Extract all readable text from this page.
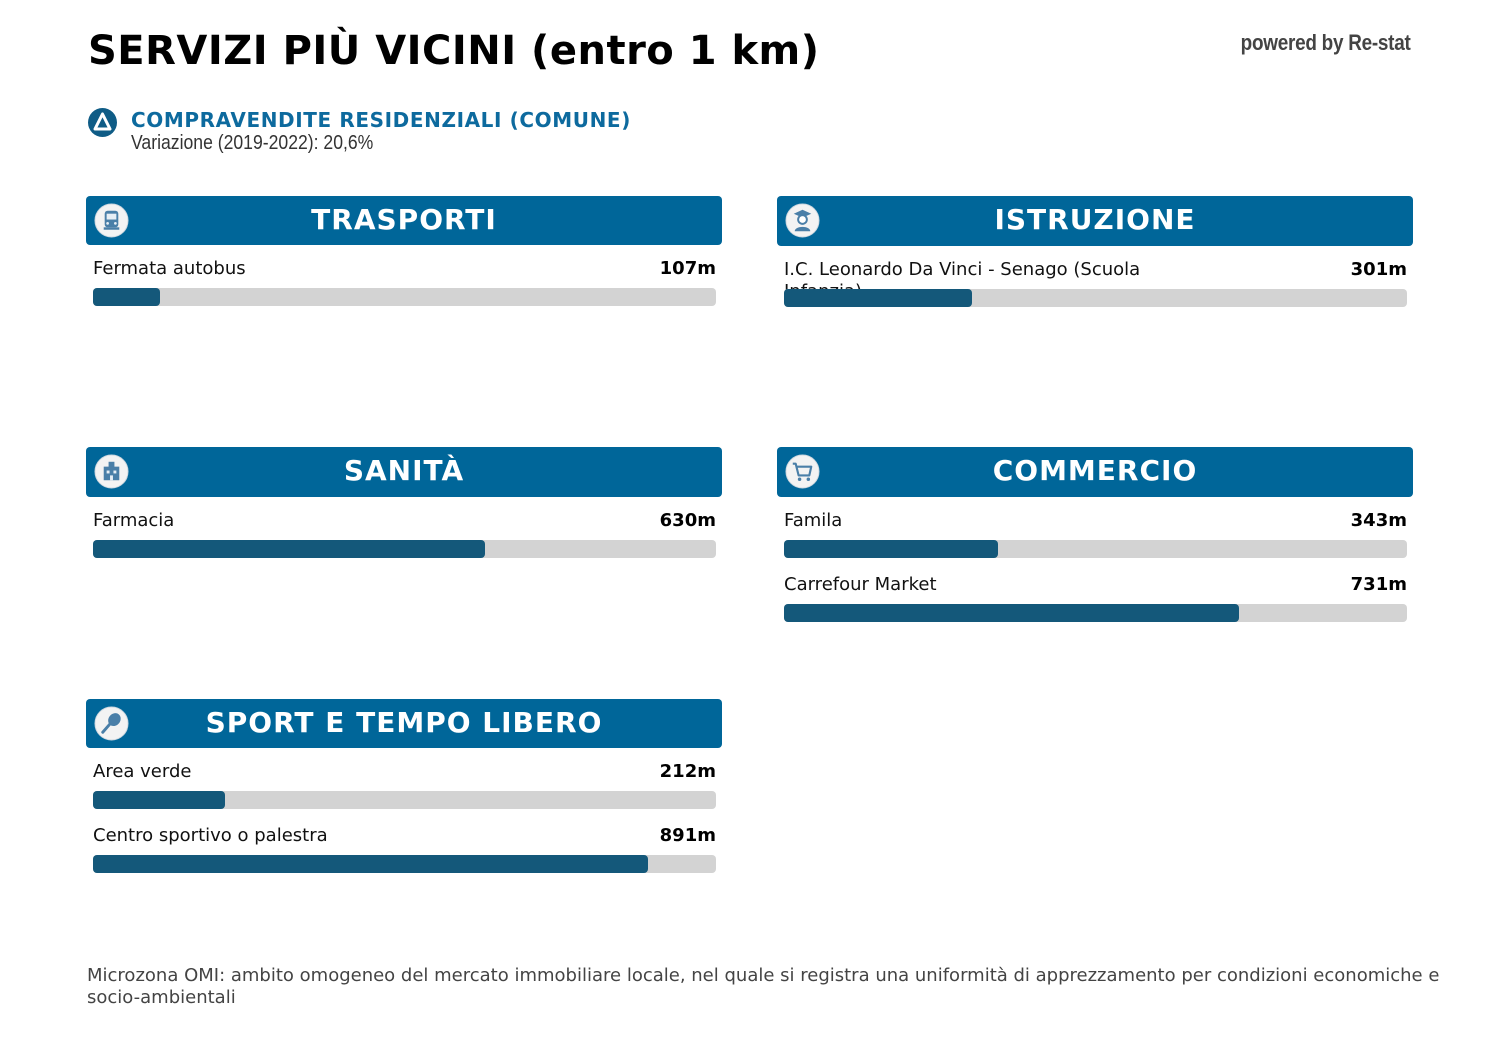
SERVIZI PIÙ VICINI (entro 1 km)	powered by Re-stat
COMPRAVENDITE RESIDENZIALI (COMUNE)
Variazione (2019-2022): 20,6%
TRASPORTI
Fermata autobus	107m
ISTRUZIONE
I.C. Leonardo Da Vinci - Senago (Scuola	301m
SANITÀ
Farmacia	630m
COMMERCIO
Famila	343m
Carrefour Market	731m
SPORT E TEMPO LIBERO
Area verde	212m
Centro sportivo o palestra	891m
Microzona OMI: ambito omogeneo del mercato immobiliare locale, nel quale si registra una uniformità di apprezzamento per condizioni economiche e socio-ambientali
